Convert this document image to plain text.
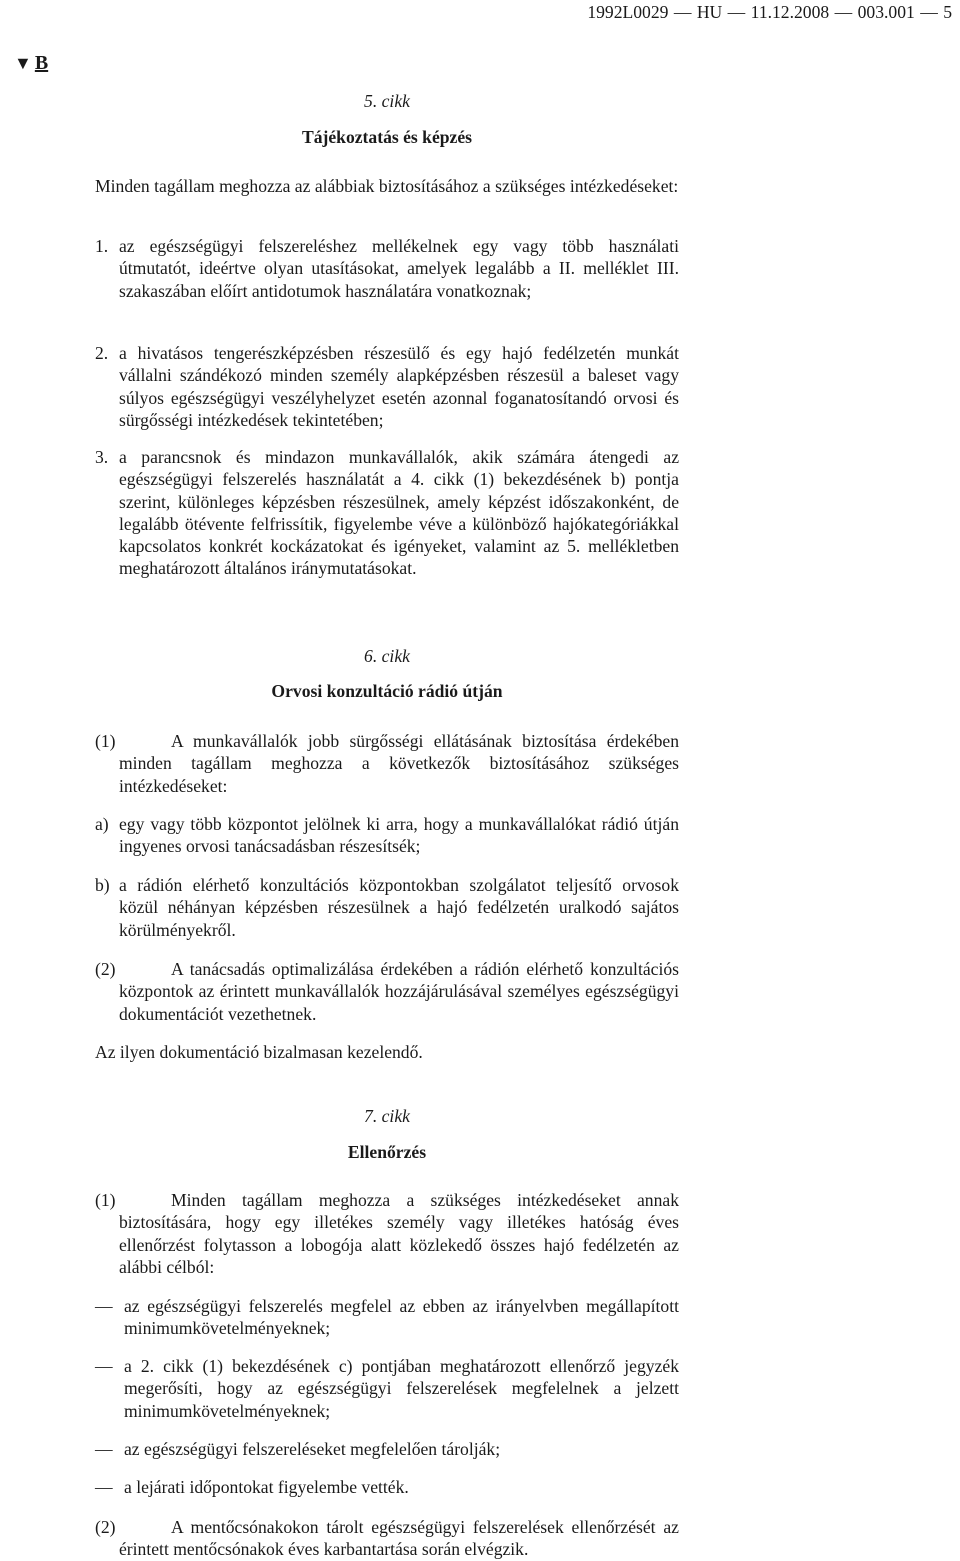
1992L0029 — HU — 11.12.2008 — 003.001 — 5
▼ B
5. cikk
Tájékoztatás és képzés
Minden tagállam meghozza az alábbiak biztosításához a szükséges intézkedéseket:
1. az egészségügyi felszereléshez mellékelnek egy vagy több használati útmutatót, ideértve olyan utasításokat, amelyek legalább a II. melléklet III. szakaszában előírt antidotumok használatára vonatkoznak;
2. a hivatásos tengerészképzésben részesülő és egy hajó fedélzetén munkát vállalni szándékozó minden személy alapképzésben részesül a baleset vagy súlyos egészségügyi veszélyhelyzet esetén azonnal foganatosítandó orvosi és sürgősségi intézkedések tekintetében;
3. a parancsnok és mindazon munkavállalók, akik számára átengedi az egészségügyi felszerelés használatát a 4. cikk (1) bekezdésének b) pontja szerint, különleges képzésben részesülnek, amely képzést időszakonként, de legalább ötévente felfrissítik, figyelembe véve a különböző hajókategóriákkal kapcsolatos konkrét kockázatokat és igényeket, valamint az 5. mellékletben meghatározott általános iránymutatásokat.
6. cikk
Orvosi konzultáció rádió útján
(1)	A munkavállalók jobb sürgősségi ellátásának biztosítása érdekében minden tagállam meghozza a következők biztosításához szükséges intézkedéseket:
a) egy vagy több központot jelölnek ki arra, hogy a munkavállalókat rádió útján ingyenes orvosi tanácsadásban részesítsék;
b) a rádión elérhető konzultációs központokban szolgálatot teljesítő orvosok közül néhányan képzésben részesülnek a hajó fedélzetén uralkodó sajátos körülményekről.
(2)	A tanácsadás optimalizálása érdekében a rádión elérhető konzultációs központok az érintett munkavállalók hozzájárulásával személyes egészségügyi dokumentációt vezethetnek.
Az ilyen dokumentáció bizalmasan kezelendő.
7. cikk
Ellenőrzés
(1)	Minden tagállam meghozza a szükséges intézkedéseket annak biztosítására, hogy egy illetékes személy vagy illetékes hatóság éves ellenőrzést folytasson a lobogója alatt közlekedő összes hajó fedélzetén az alábbi célból:
— az egészségügyi felszerelés megfelel az ebben az irányelvben megállapított minimumkövetelményeknek;
— a 2. cikk (1) bekezdésének c) pontjában meghatározott ellenőrző jegyzék megerősíti, hogy az egészségügyi felszerelések megfelelnek a jelzett minimumkövetelményeknek;
— az egészségügyi felszereléseket megfelelően tárolják;
— a lejárati időpontokat figyelembe vették.
(2)	A mentőcsónakokon tárolt egészségügyi felszerelések ellenőrzését az érintett mentőcsónakok éves karbantartása során elvégzik.
